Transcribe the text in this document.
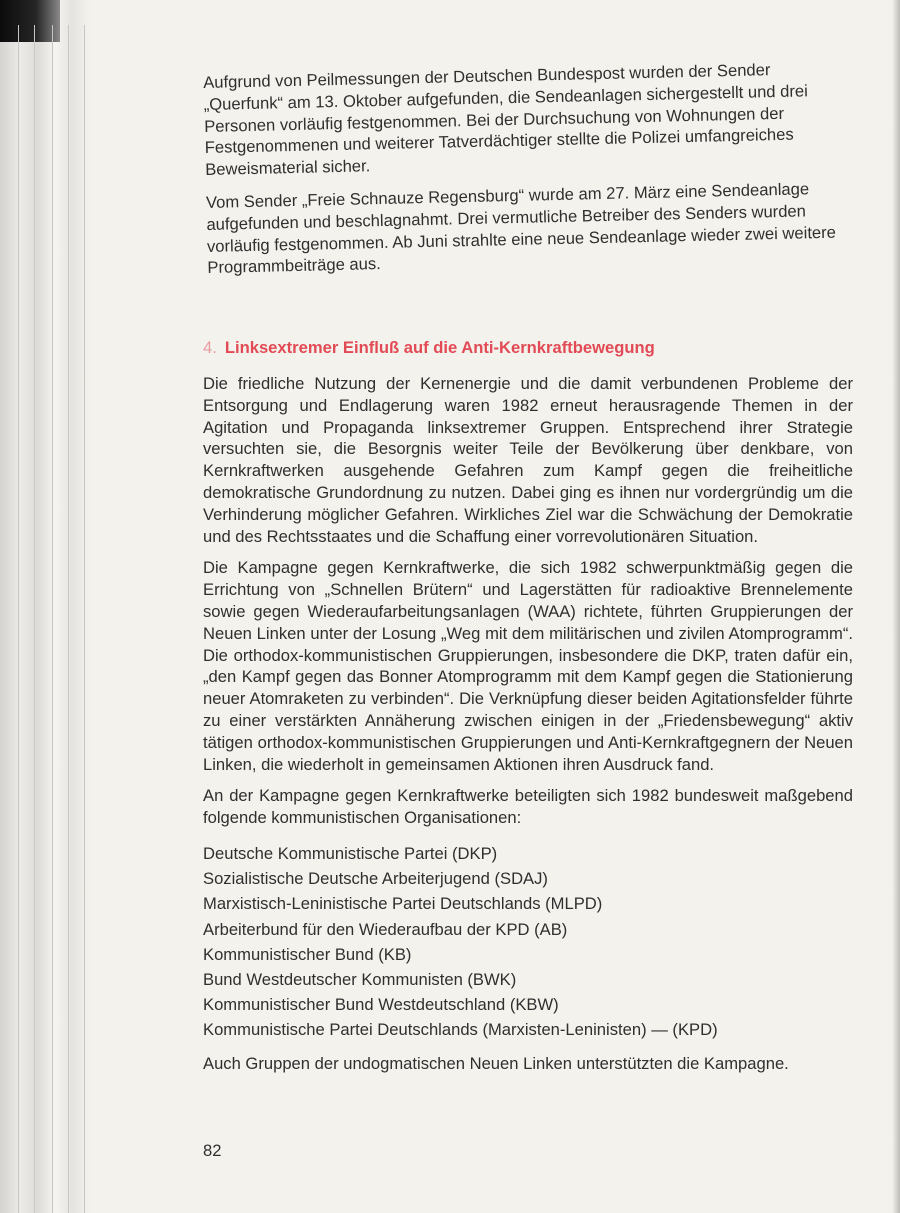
Aufgrund von Peilmessungen der Deutschen Bundespost wurden der Sender „Querfunk“ am 13. Oktober aufgefunden, die Sendeanlagen sichergestellt und drei Personen vorläufig festgenommen. Bei der Durchsuchung von Wohnungen der Festgenommenen und weiterer Tatverdächtiger stellte die Polizei umfangreiches Beweismaterial sicher.

Vom Sender „Freie Schnauze Regensburg“ wurde am 27. März eine Sendeanlage aufgefunden und beschlagnahmt. Drei vermutliche Betreiber des Senders wurden vorläufig festgenommen. Ab Juni strahlte eine neue Sendeanlage wieder zwei weitere Programmbeiträge aus.

4. Linksextremer Einfluß auf die Anti-Kernkraftbewegung

Die friedliche Nutzung der Kernenergie und die damit verbundenen Probleme der Entsorgung und Endlagerung waren 1982 erneut herausragende Themen in der Agitation und Propaganda linksextremer Gruppen. Entsprechend ihrer Strategie versuchten sie, die Besorgnis weiter Teile der Bevölkerung über denkbare, von Kernkraftwerken ausgehende Gefahren zum Kampf gegen die freiheitliche demokratische Grundordnung zu nutzen. Dabei ging es ihnen nur vordergründig um die Verhinderung möglicher Gefahren. Wirkliches Ziel war die Schwächung der Demokratie und des Rechtsstaates und die Schaffung einer vorrevolutionären Situation.

Die Kampagne gegen Kernkraftwerke, die sich 1982 schwerpunktmäßig gegen die Errichtung von „Schnellen Brütern“ und Lagerstätten für radioaktive Brennelemente sowie gegen Wiederaufarbeitungsanlagen (WAA) richtete, führten Gruppierungen der Neuen Linken unter der Losung „Weg mit dem militärischen und zivilen Atomprogramm“. Die orthodox-kommunistischen Gruppierungen, insbesondere die DKP, traten dafür ein, „den Kampf gegen das Bonner Atomprogramm mit dem Kampf gegen die Stationierung neuer Atomraketen zu verbinden“. Die Verknüpfung dieser beiden Agitationsfelder führte zu einer verstärkten Annäherung zwischen einigen in der „Friedensbewegung“ aktiv tätigen orthodox-kommunistischen Gruppierungen und Anti-Kernkraftgegnern der Neuen Linken, die wiederholt in gemeinsamen Aktionen ihren Ausdruck fand.

An der Kampagne gegen Kernkraftwerke beteiligten sich 1982 bundesweit maßgebend folgende kommunistischen Organisationen:

Deutsche Kommunistische Partei (DKP)
Sozialistische Deutsche Arbeiterjugend (SDAJ)
Marxistisch-Leninistische Partei Deutschlands (MLPD)
Arbeiterbund für den Wiederaufbau der KPD (AB)
Kommunistischer Bund (KB)
Bund Westdeutscher Kommunisten (BWK)
Kommunistischer Bund Westdeutschland (KBW)
Kommunistische Partei Deutschlands (Marxisten-Leninisten) — (KPD)

Auch Gruppen der undogmatischen Neuen Linken unterstützten die Kampagne.

82
